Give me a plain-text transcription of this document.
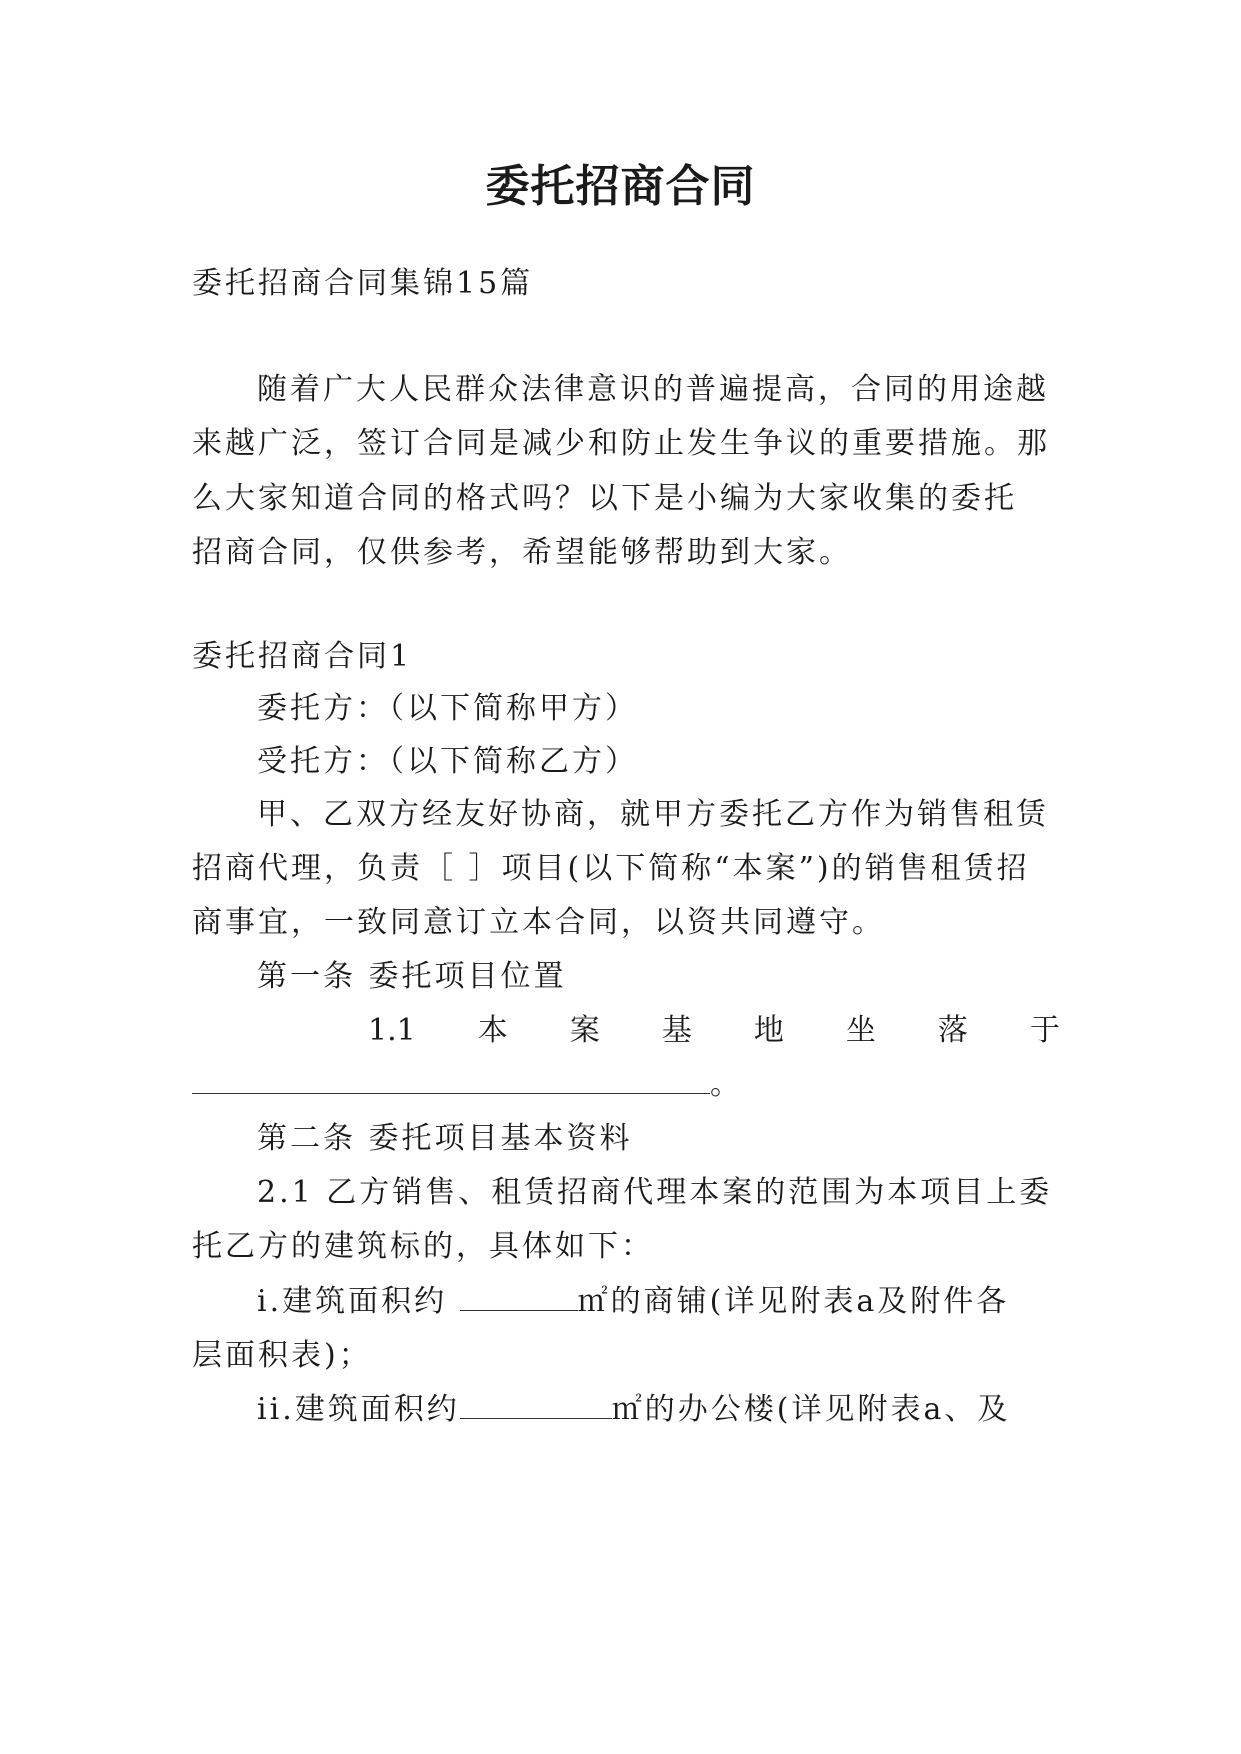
委托招商合同
委托招商合同集锦15篇
随着广大人民群众法律意识的普遍提高，合同的用途越
来越广泛，签订合同是减少和防止发生争议的重要措施。那
么大家知道合同的格式吗？以下是小编为大家收集的委托
招商合同，仅供参考，希望能够帮助到大家。
委托招商合同1
委托方：（以下简称甲方）
受托方：（以下简称乙方）
甲、乙双方经友好协商，就甲方委托乙方作为销售租赁
招商代理，负责［ ］项目(以下简称“本案”)的销售租赁招
商事宜，一致同意订立本合同，以资共同遵守。
第一条 委托项目位置
1.1 本 案 基 地 坐 落 于
。
第二条 委托项目基本资料
2.1 乙方销售、租赁招商代理本案的范围为本项目上委
托乙方的建筑标的，具体如下：
i.建筑面积约	㎡的商铺(详见附表a及附件各
层面积表)；
ii.建筑面积约	㎡的办公楼(详见附表a、及
